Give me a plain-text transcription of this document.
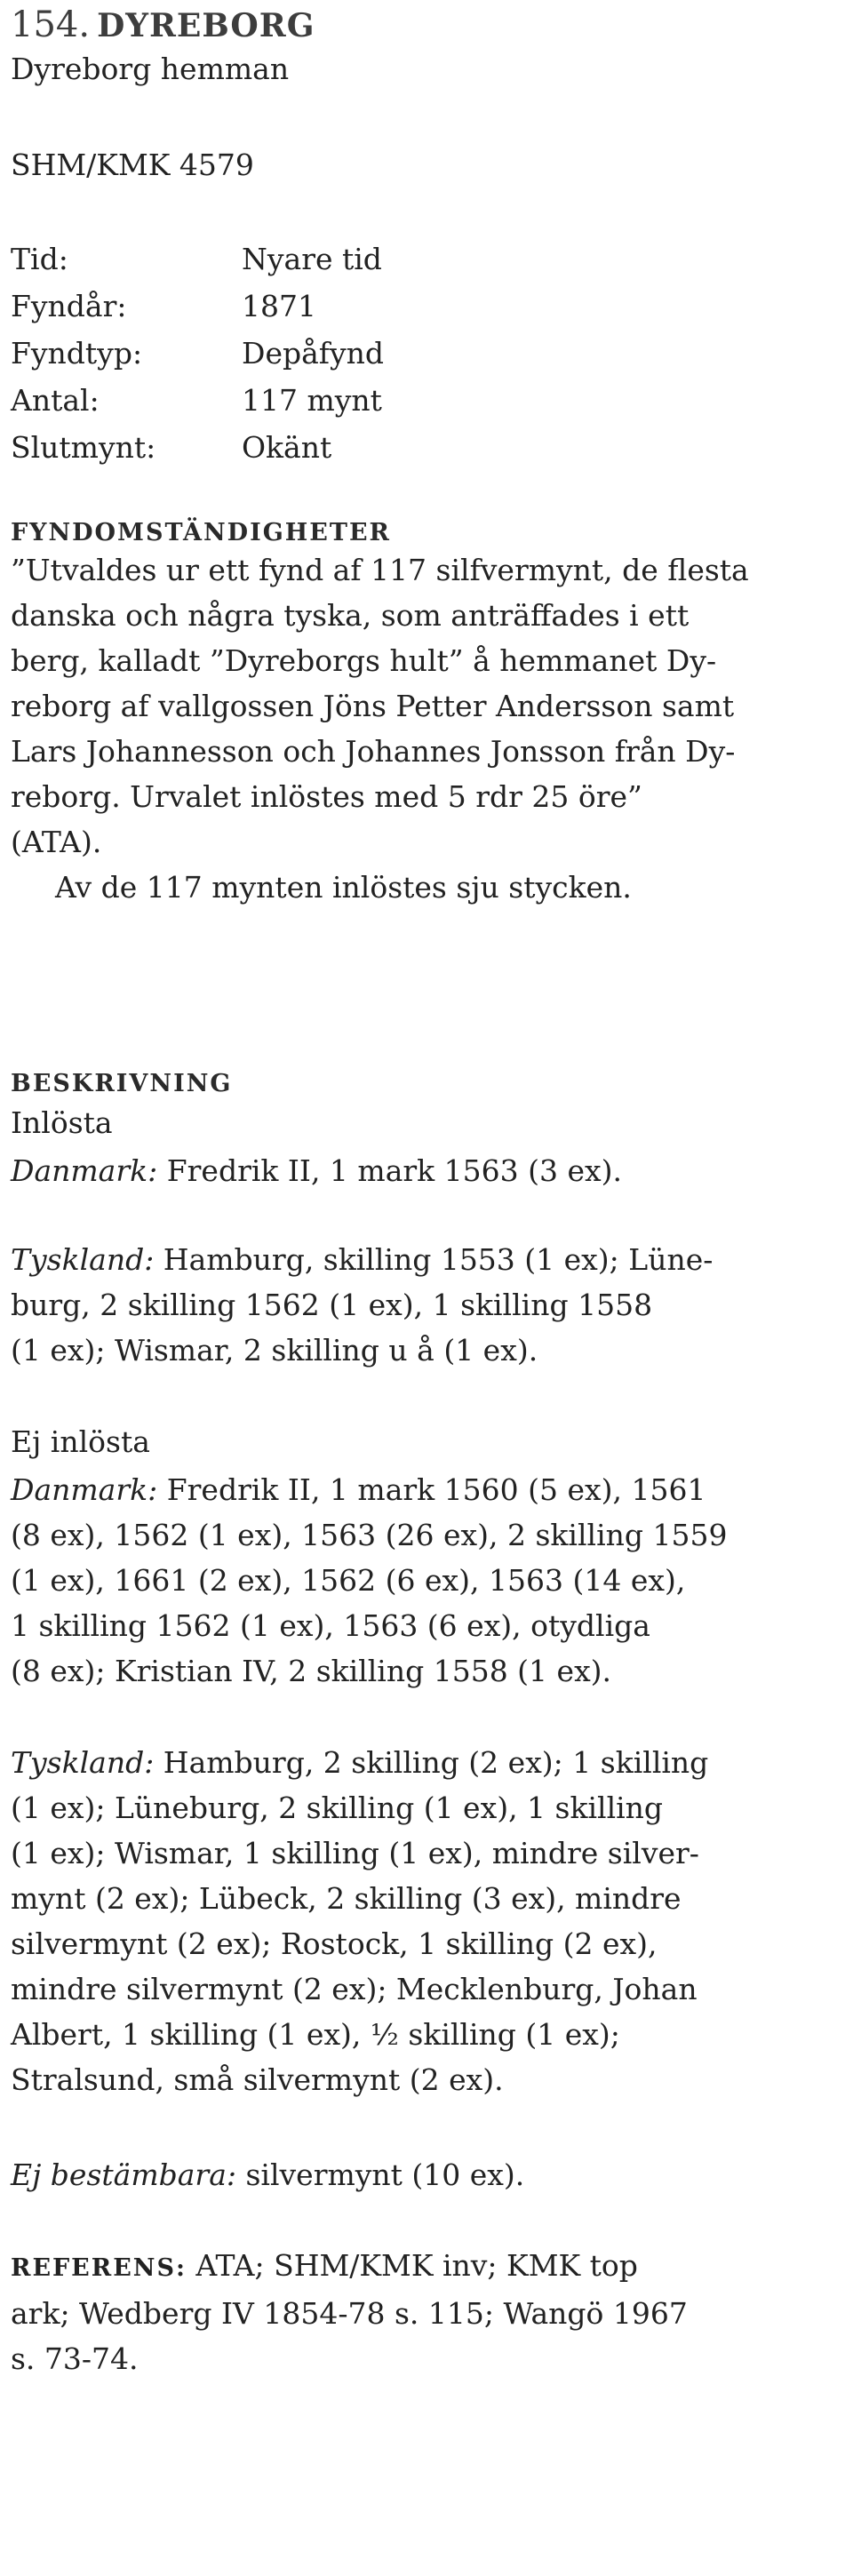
154. DYREBORG
Dyreborg hemman
SHM/KMK 4579
Tid:	Nyare tid
Fyndår:	1871
Fyndtyp:	Depåfynd
Antal:	117 mynt
Slutmynt:	Okänt
FYNDOMSTÄNDIGHETER
”Utvaldes ur ett fynd af 117 silfvermynt, de flesta
danska och några tyska, som anträffades i ett
berg, kalladt ”Dyreborgs hult” å hemmanet Dy-
reborg af vallgossen Jöns Petter Andersson samt
Lars Johannesson och Johannes Jonsson från Dy-
reborg. Urvalet inlöstes med 5 rdr 25 öre”
(ATA).
Av de 117 mynten inlöstes sju stycken.
BESKRIVNING
Inlösta
Danmark: Fredrik II, 1 mark 1563 (3 ex).
Tyskland: Hamburg, skilling 1553 (1 ex); Lüne-
burg, 2 skilling 1562 (1 ex), 1 skilling 1558
(1 ex); Wismar, 2 skilling u å (1 ex).
Ej inlösta
Danmark: Fredrik II, 1 mark 1560 (5 ex), 1561
(8 ex), 1562 (1 ex), 1563 (26 ex), 2 skilling 1559
(1 ex), 1661 (2 ex), 1562 (6 ex), 1563 (14 ex),
1 skilling 1562 (1 ex), 1563 (6 ex), otydliga
(8 ex); Kristian IV, 2 skilling 1558 (1 ex).
Tyskland: Hamburg, 2 skilling (2 ex); 1 skilling
(1 ex); Lüneburg, 2 skilling (1 ex), 1 skilling
(1 ex); Wismar, 1 skilling (1 ex), mindre silver-
mynt (2 ex); Lübeck, 2 skilling (3 ex), mindre
silvermynt (2 ex); Rostock, 1 skilling (2 ex),
mindre silvermynt (2 ex); Mecklenburg, Johan
Albert, 1 skilling (1 ex), ½ skilling (1 ex);
Stralsund, små silvermynt (2 ex).
Ej bestämbara: silvermynt (10 ex).
REFERENS: ATA; SHM/KMK inv; KMK top
ark; Wedberg IV 1854-78 s. 115; Wangö 1967
s. 73-74.
